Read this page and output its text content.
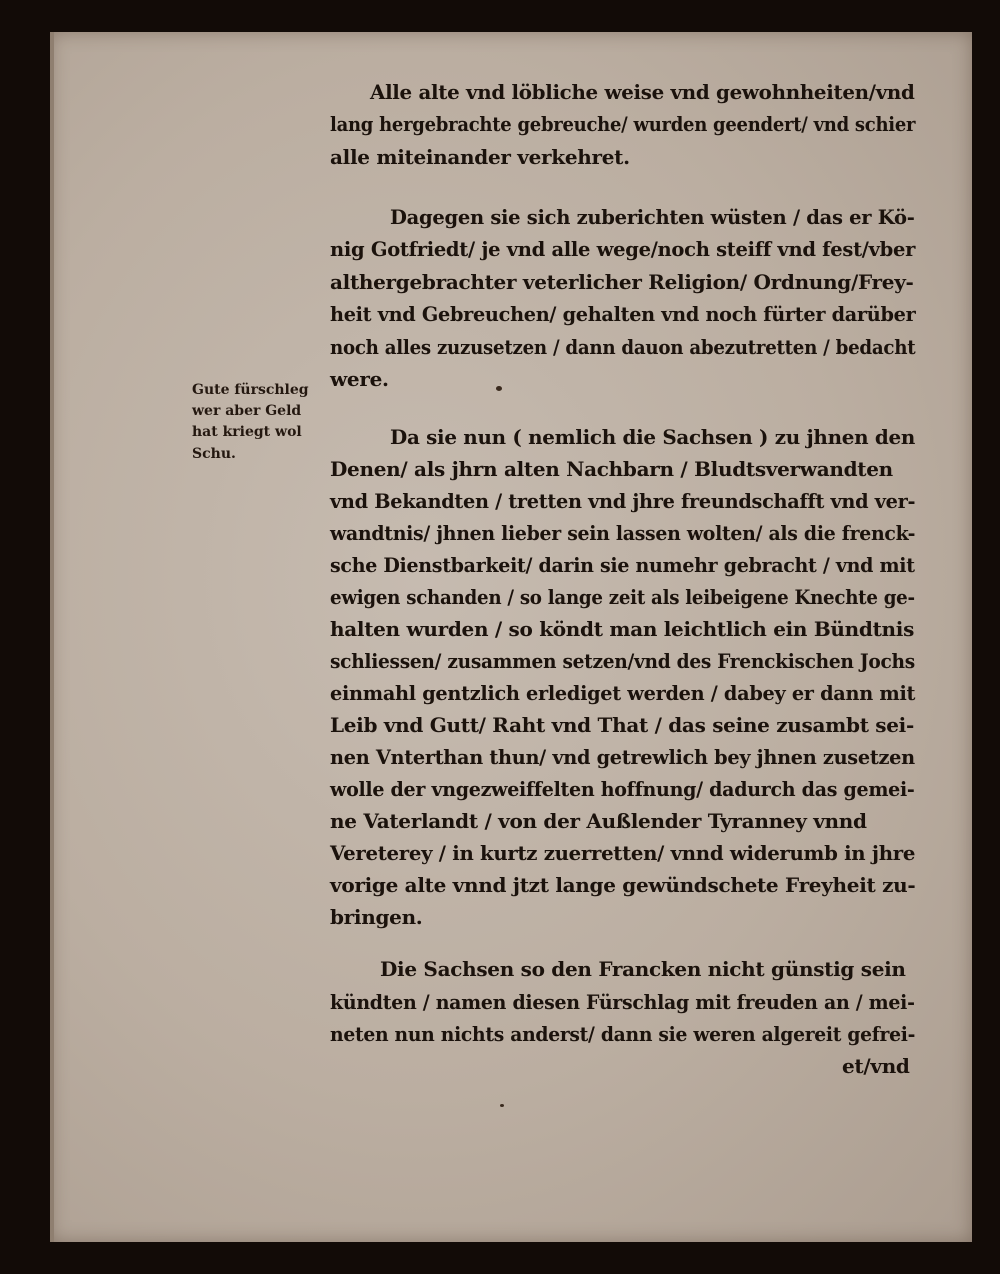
Alle alte vnd löbliche weise vnd gewohnheiten/vnd
lang hergebrachte gebreuche/ wurden geendert/ vnd schier
alle miteinander verkehret.
Dagegen sie sich zuberichten wüsten / das er Kö-
nig Gotfriedt/ je vnd alle wege/noch steiff vnd fest/vber
althergebrachter veterlicher Religion/ Ordnung/Frey-
heit vnd Gebreuchen/ gehalten vnd noch fürter darüber
noch alles zuzusetzen / dann dauon abezutretten / bedacht
were.
Gute fürschleg
wer aber Geld
hat kriegt wol
Schu.
Da sie nun ( nemlich die Sachsen ) zu jhnen den
Denen/ als jhrn alten Nachbarn / Bludtsverwandten
vnd Bekandten / tretten vnd jhre freundschafft vnd ver-
wandtnis/ jhnen lieber sein lassen wolten/ als die frenck-
sche Dienstbarkeit/ darin sie numehr gebracht / vnd mit
ewigen schanden / so lange zeit als leibeigene Knechte ge-
halten wurden / so köndt man leichtlich ein Bündtnis
schliessen/ zusammen setzen/vnd des Frenckischen Jochs
einmahl gentzlich erlediget werden / dabey er dann mit
Leib vnd Gutt/ Raht vnd That / das seine zusambt sei-
nen Vnterthan thun/ vnd getrewlich bey jhnen zusetzen
wolle der vngezweiffelten hoffnung/ dadurch das gemei-
ne Vaterlandt / von der Außlender Tyranney vnnd
Vereterey / in kurtz zuerretten/ vnnd widerumb in jhre
vorige alte vnnd jtzt lange gewündschete Freyheit zu-
bringen.
Die Sachsen so den Francken nicht günstig sein
kündten / namen diesen Fürschlag mit freuden an / mei-
neten nun nichts anderst/ dann sie weren algereit gefrei-
et/vnd
